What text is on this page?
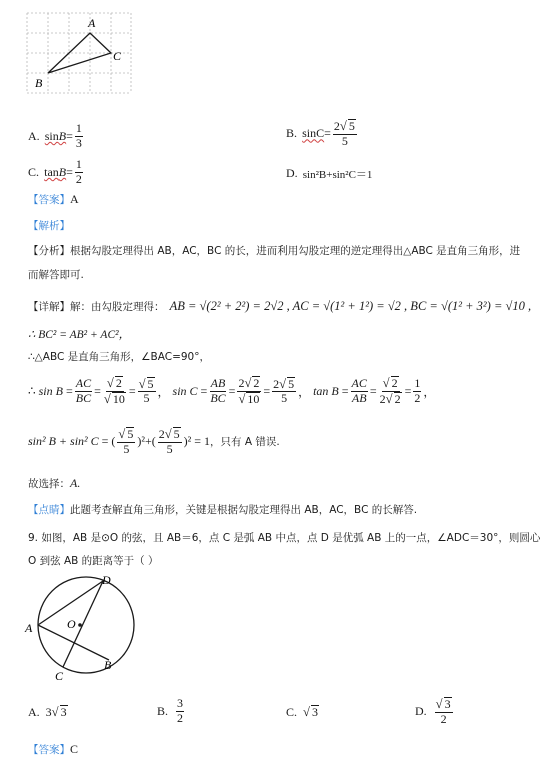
A
C
B
A.
$\sin B = \frac{1}{3}$	B.
$\sin C = \frac{2√ 5}{5}$
C.
$\tan B = \frac{1}{2}$	D.
sin²B+sin²C＝1
【答案】 A
【解析】
【分析】根据勾股定理得出 AB，AC，BC 的长，进而利用勾股定理的逆定理得出△ABC 是直角三角形，进
而解答即可.
【详解】 解：由勾股定理得：
AB = √(2² + 2²) = 2√2 , AC = √(1² + 1²) = √2 , BC = √(1² + 3²) = √10 ,
∴ BC² = AB² + AC²，
∴△ABC 是直角三角形，∠BAC=90°，
∴
sin B
= $\frac{AC}{BC} = \frac{√ 2}{√ 10} = \frac{√ 5}{5}$ ，
sin C
= $\frac{AB}{BC} = \frac{2√ 2}{√ 10} = \frac{2√ 5}{5}$ ，
tan B
= $\frac{AC}{AB} = \frac{√ 2}{2√ 2} = \frac{1}{2}$ ，
sin² B + sin² C
=
( $\frac{√ 5}{5} )^2$ + ( $\frac{2√ 5}{5} )^2$
= 1 ，只有 A 错误.
故选择： A.
【点睛】此题考查解直角三角形，关键是根据勾股定理得出 AB，AC，BC 的长解答.
9. 如图，AB 是⊙O 的弦，且 AB＝6，点 C 是弧 AB 中点，点 D 是优弧 AB 上的一点，∠ADC＝30°，则圆心
O 到弦 AB 的距离等于（ ）
A
B
C
D
O
A.
3 √ 3	B.
$\frac{3}{2}$	C.
√ 3	D.
$\frac{√ 3}{2}$
【答案】 C
